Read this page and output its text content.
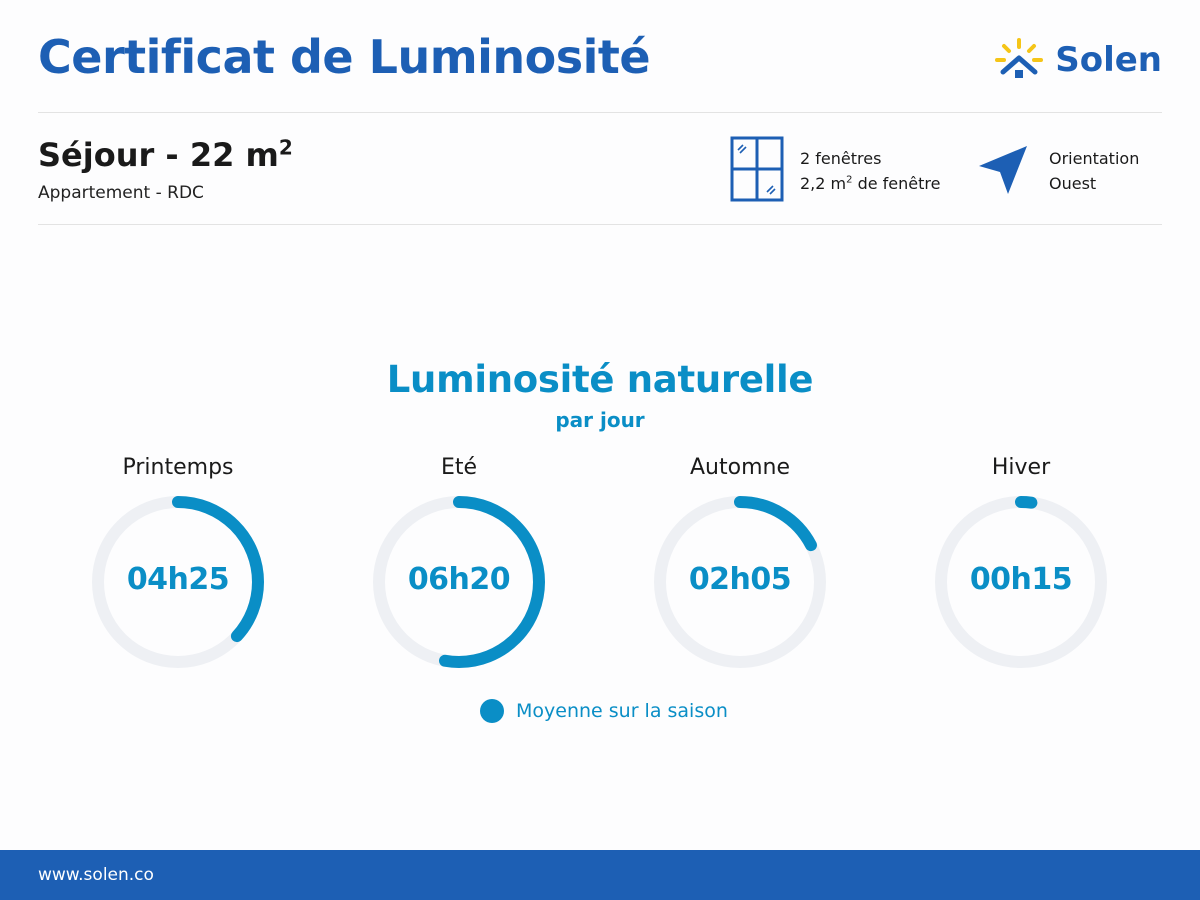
Certificat de Luminosité	Solen
Séjour - 22 $m^2$
Appartement - RDC
2 fenêtres
2,2 $m^2$ de fenêtre
Orientation
Ouest
Luminosité naturelle
par jour
Printemps
04h25
Eté
06h20
Automne
02h05
Hiver
00h15
Moyenne sur la saison
www.solen.co
